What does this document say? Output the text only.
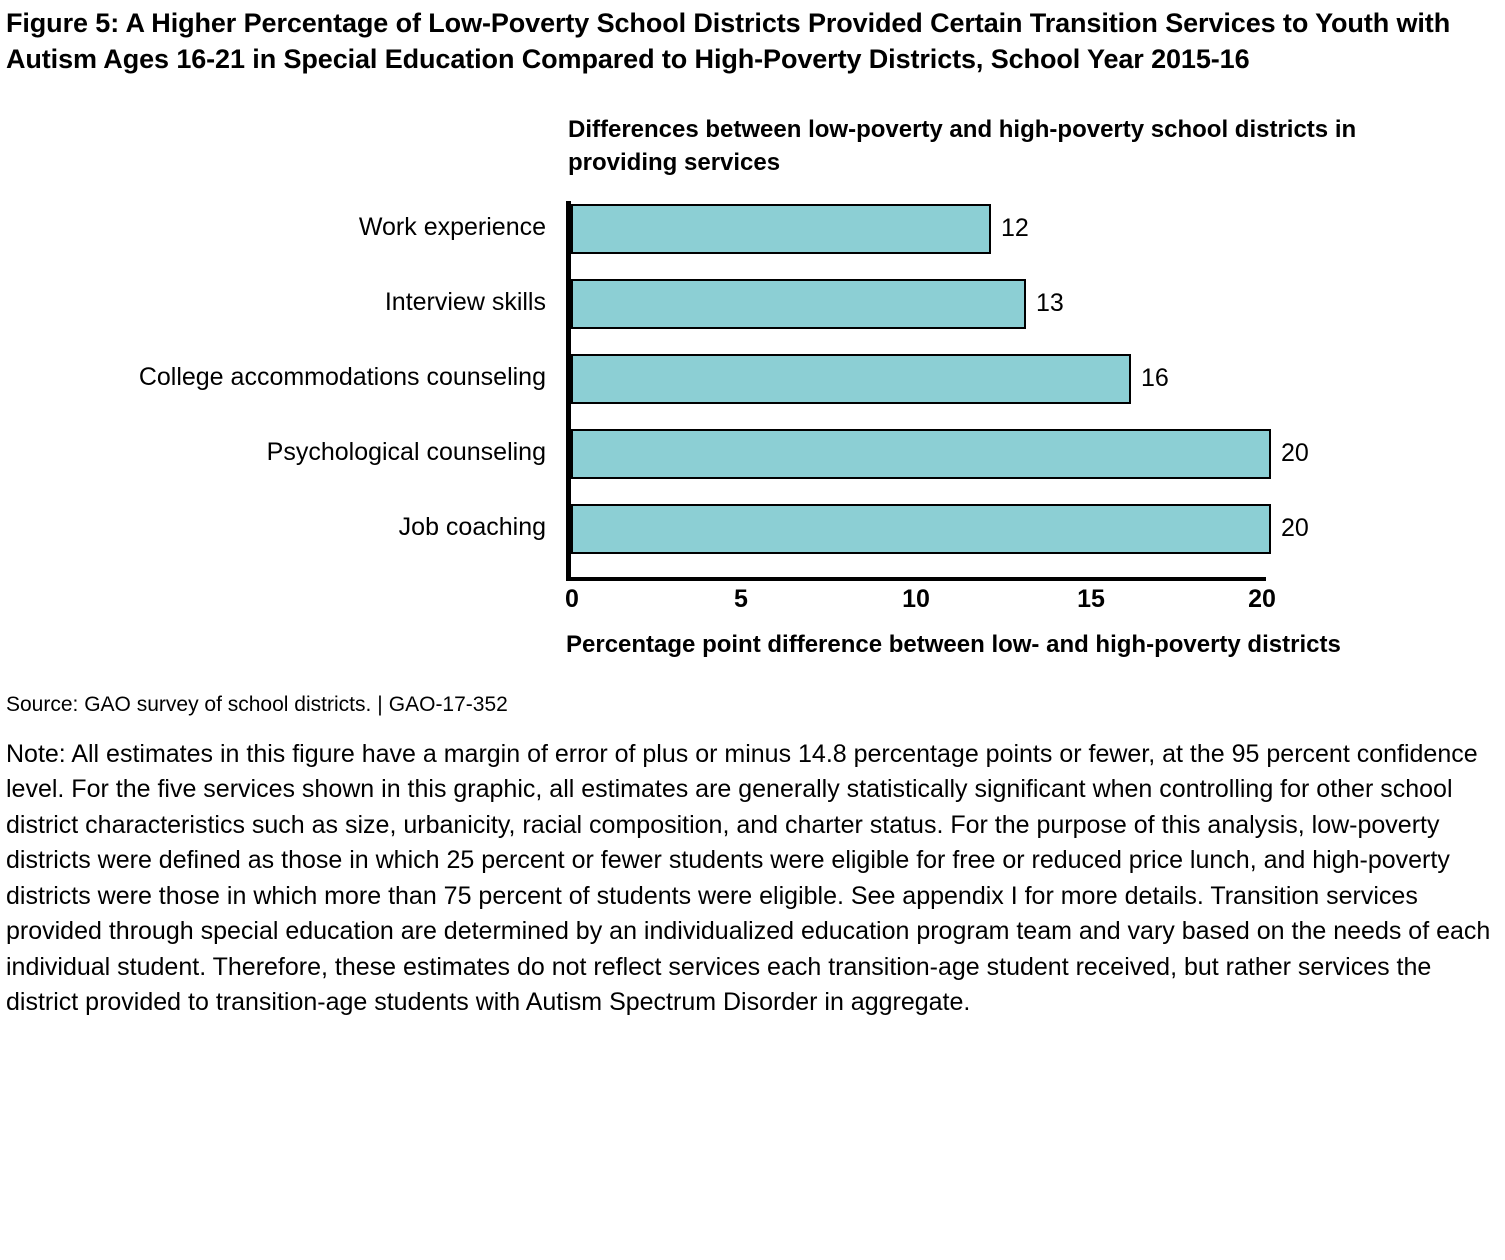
Figure 5: A Higher Percentage of Low-Poverty School Districts Provided Certain Transition Services to Youth with Autism Ages 16-21 in Special Education Compared to High-Poverty Districts, School Year 2015-16
Differences between low-poverty and high-poverty school districts in providing services
Work experience
Interview skills
College accommodations counseling
Psychological counseling
Job coaching
12
13
16
20
20
0	5	10	15	20
Percentage point difference between low- and high-poverty districts
Source: GAO survey of school districts. | GAO-17-352
Note: All estimates in this figure have a margin of error of plus or minus 14.8 percentage points or fewer, at the 95 percent confidence level. For the five services shown in this graphic, all estimates are generally statistically significant when controlling for other school district characteristics such as size, urbanicity, racial composition, and charter status. For the purpose of this analysis, low-poverty districts were defined as those in which 25 percent or fewer students were eligible for free or reduced price lunch, and high-poverty districts were those in which more than 75 percent of students were eligible. See appendix I for more details. Transition services provided through special education are determined by an individualized education program team and vary based on the needs of each individual student. Therefore, these estimates do not reflect services each transition-age student received, but rather services the district provided to transition-age students with Autism Spectrum Disorder in aggregate.
